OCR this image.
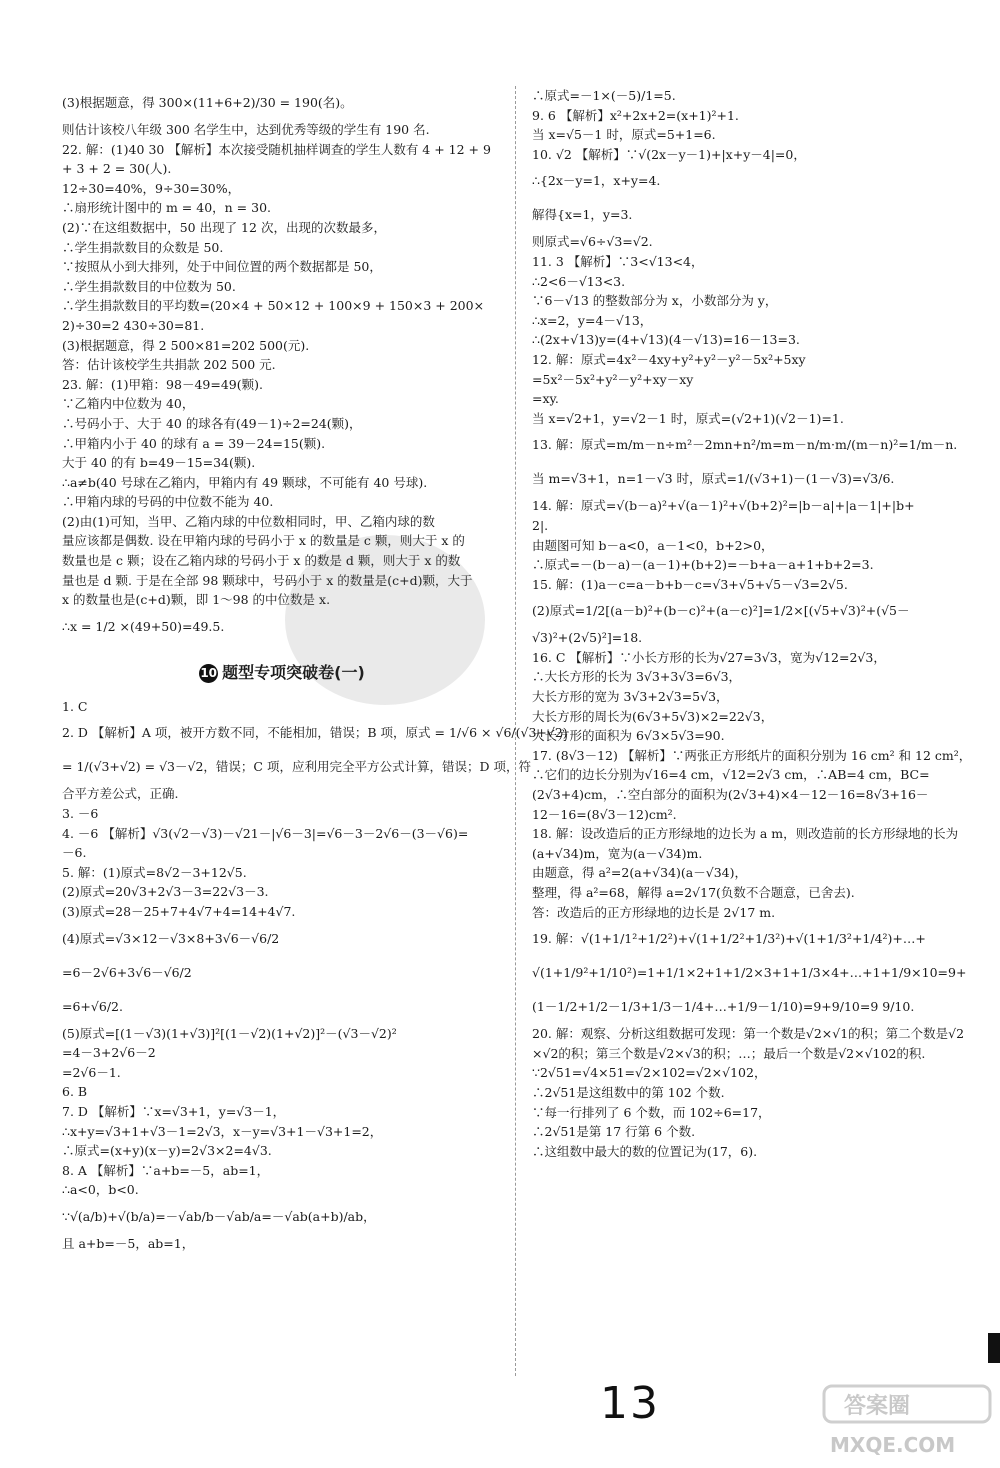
(3)根据题意，得 300×(11+6+2)/30 = 190(名)。
则估计该校八年级 300 名学生中，达到优秀等级的学生有 190 名.
22. 解：(1)40 30 【解析】本次接受随机抽样调查的学生人数有 4 + 12 + 9
+ 3 + 2 = 30(人).
12÷30=40%，9÷30=30%，
∴扇形统计图中的 m = 40，n = 30.
(2)∵在这组数据中，50 出现了 12 次，出现的次数最多，
∴学生捐款数目的众数是 50.
∵按照从小到大排列，处于中间位置的两个数据都是 50，
∴学生捐款数目的中位数为 50.
∴学生捐款数目的平均数=(20×4 + 50×12 + 100×9 + 150×3 + 200×
2)÷30=2 430÷30=81.
(3)根据题意，得 2 500×81=202 500(元).
答：估计该校学生共捐款 202 500 元.
23. 解：(1)甲箱：98－49=49(颗).
∵乙箱内中位数为 40，
∴号码小于、大于 40 的球各有(49－1)÷2=24(颗)，
∴甲箱内小于 40 的球有 a = 39－24=15(颗).
大于 40 的有 b=49－15=34(颗).
∴a≠b(40 号球在乙箱内，甲箱内有 49 颗球，不可能有 40 号球).
∴甲箱内球的号码的中位数不能为 40.
(2)由(1)可知，当甲、乙箱内球的中位数相同时，甲、乙箱内球的数
量应该都是偶数. 设在甲箱内球的号码小于 x 的数量是 c 颗，则大于 x 的
数量也是 c 颗；设在乙箱内球的号码小于 x 的数是 d 颗，则大于 x 的数
量也是 d 颗. 于是在全部 98 颗球中，号码小于 x 的数量是(c+d)颗，大于
x 的数量也是(c+d)颗，即 1～98 的中位数是 x.
∴x = 1/2 ×(49+50)=49.5.
10 题型专项突破卷(一)
1. C
2. D 【解析】A 项，被开方数不同，不能相加，错误；B 项，原式 = 1/√6 × √6/(√3+√2)
= 1/(√3+√2) = √3－√2，错误；C 项，应利用完全平方公式计算，错误；D 项，符
合平方差公式，正确.
3. －6
4. －6 【解析】√3(√2－√3)－√21－|√6－3|=√6－3－2√6－(3－√6)=
－6.
5. 解：(1)原式=8√2－3+12√5.
(2)原式=20√3+2√3－3=22√3－3.
(3)原式=28－25+7+4√7+4=14+4√7.
(4)原式=√3×12－√3×8+3√6－√6/2
=6－2√6+3√6－√6/2
=6+√6/2.
(5)原式=[(1－√3)(1+√3)]²[(1－√2)(1+√2)]²－(√3－√2)²
=4－3+2√6－2
=2√6－1.
6. B
7. D 【解析】∵x=√3+1，y=√3－1，
∴x+y=√3+1+√3－1=2√3，x－y=√3+1－√3+1=2，
∴原式=(x+y)(x－y)=2√3×2=4√3.
8. A 【解析】∵a+b=－5，ab=1，
∴a<0，b<0.
∵√(a/b)+√(b/a)=－√ab/b－√ab/a=－√ab(a+b)/ab，
且 a+b=－5，ab=1，
∴原式=－1×(－5)/1=5.
9. 6 【解析】x²+2x+2=(x+1)²+1.
当 x=√5－1 时，原式=5+1=6.
10. √2 【解析】∵√(2x－y－1)+|x+y－4|=0，
∴{2x－y=1，x+y=4.
解得{x=1，y=3.
则原式=√6÷√3=√2.
11. 3 【解析】∵3<√13<4，
∴2<6－√13<3.
∵6－√13 的整数部分为 x，小数部分为 y，
∴x=2，y=4－√13，
∴(2x+√13)y=(4+√13)(4－√13)=16－13=3.
12. 解：原式=4x²－4xy+y²+y²－y²－5x²+5xy
=5x²－5x²+y²－y²+xy－xy
=xy.
当 x=√2+1，y=√2－1 时，原式=(√2+1)(√2－1)=1.
13. 解：原式=m/m－n÷m²－2mn+n²/m=m－n/m·m/(m－n)²=1/m－n.
当 m=√3+1，n=1－√3 时，原式=1/(√3+1)－(1－√3)=√3/6.
14. 解：原式=√(b－a)²+√(a－1)²+√(b+2)²=|b－a|+|a－1|+|b+
2|.
由题图可知 b－a<0，a－1<0，b+2>0，
∴原式=－(b－a)－(a－1)+(b+2)=－b+a－a+1+b+2=3.
15. 解：(1)a－c=a－b+b－c=√3+√5+√5－√3=2√5.
(2)原式=1/2[(a－b)²+(b－c)²+(a－c)²]=1/2×[(√5+√3)²+(√5－
√3)²+(2√5)²]=18.
16. C 【解析】∵小长方形的长为√27=3√3，宽为√12=2√3，
∴大长方形的长为 3√3+3√3=6√3，
大长方形的宽为 3√3+2√3=5√3，
大长方形的周长为(6√3+5√3)×2=22√3，
大长方形的面积为 6√3×5√3=90.
17. (8√3－12) 【解析】∵两张正方形纸片的面积分别为 16 cm² 和 12 cm²，
∴它们的边长分别为√16=4 cm，√12=2√3 cm，∴AB=4 cm，BC=
(2√3+4)cm，∴空白部分的面积为(2√3+4)×4－12－16=8√3+16－
12－16=(8√3－12)cm².
18. 解：设改造后的正方形绿地的边长为 a m，则改造前的长方形绿地的长为
(a+√34)m，宽为(a－√34)m.
由题意，得 a²=2(a+√34)(a－√34)，
整理，得 a²=68，解得 a=2√17(负数不合题意，已舍去).
答：改造后的正方形绿地的边长是 2√17 m.
19. 解：√(1+1/1²+1/2²)+√(1+1/2²+1/3²)+√(1+1/3²+1/4²)+…+
√(1+1/9²+1/10²)=1+1/1×2+1+1/2×3+1+1/3×4+…+1+1/9×10=9+
(1－1/2+1/2－1/3+1/3－1/4+…+1/9－1/10)=9+9/10=9 9/10.
20. 解：观察、分析这组数据可发现：第一个数是√2×√1的积；第二个数是√2
×√2的积；第三个数是√2×√3的积；…；最后一个数是√2×√102的积.
∵2√51=√4×51=√2×102=√2×√102，
∴2√51是这组数中的第 102 个数.
∵每一行排列了 6 个数，而 102÷6=17，
∴2√51是第 17 行第 6 个数.
∴这组数中最大的数的位置记为(17，6).
13	答案圈
MXQE.COM
